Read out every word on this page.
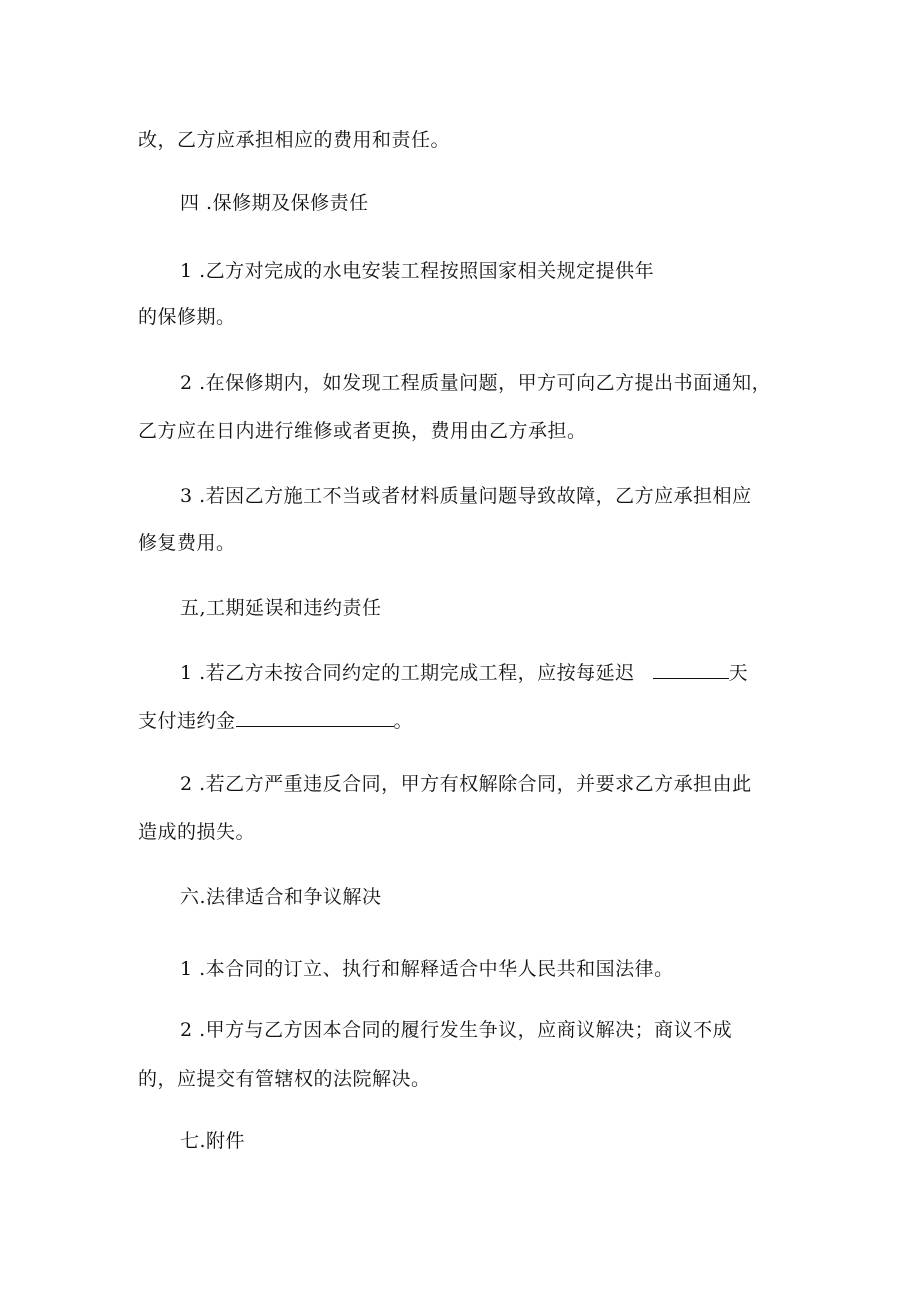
改，乙方应承担相应的费用和责任。
四 .保修期及保修责任
1 .乙方对完成的水电安装工程按照国家相关规定提供年
的保修期。
2 .在保修期内，如发现工程质量问题，甲方可向乙方提出书面通知，
乙方应在日内进行维修或者更换，费用由乙方承担。
3 .若因乙方施工不当或者材料质量问题导致故障，乙方应承担相应
修复费用。
五,工期延误和违约责任
1 .若乙方未按合同约定的工期完成工程，应按每延迟	天
支付违约金	。
2 .若乙方严重违反合同，甲方有权解除合同，并要求乙方承担由此
造成的损失。
六.法律适合和争议解决
1 .本合同的订立、执行和解释适合中华人民共和国法律。
2 .甲方与乙方因本合同的履行发生争议，应商议解决；商议不成
的，应提交有管辖权的法院解决。
七.附件
